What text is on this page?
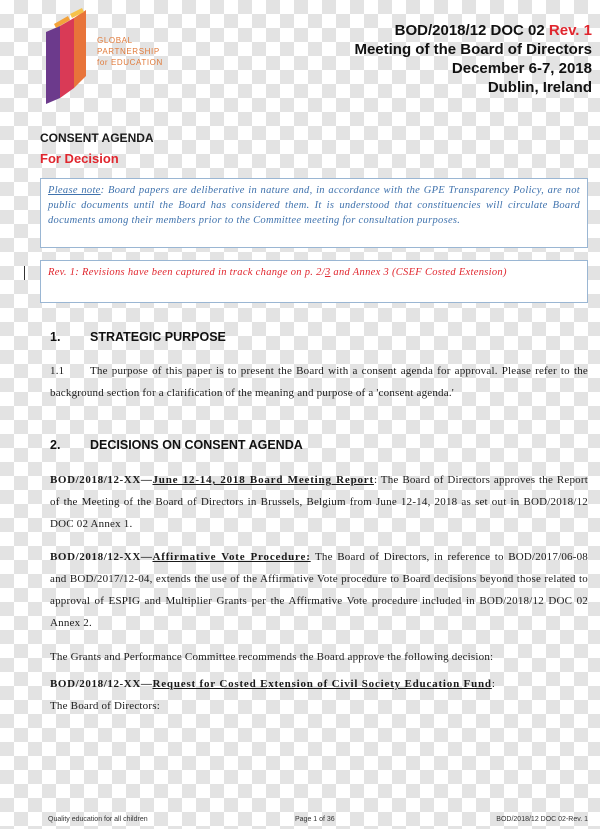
GLOBAL
PARTNERSHIP
for EDUCATION
BOD/2018/12 DOC 02 Rev. 1
Meeting of the Board of Directors
December 6-7, 2018
Dublin, Ireland
CONSENT AGENDA
For Decision
Please note: Board papers are deliberative in nature and, in accordance with the GPE Transparency Policy, are not public documents until the Board has considered them. It is understood that constituencies will circulate Board documents among their members prior to the Committee meeting for consultation purposes.
Rev. 1: Revisions have been captured in track change on p. 2/3 and Annex 3 (CSEF Costed Extension)
1. STRATEGIC PURPOSE
1.1 The purpose of this paper is to present the Board with a consent agenda for approval. Please refer to the background section for a clarification of the meaning and purpose of a 'consent agenda.'
2. DECISIONS ON CONSENT AGENDA
BOD/2018/12-XX—June 12-14, 2018 Board Meeting Report: The Board of Directors approves the Report of the Meeting of the Board of Directors in Brussels, Belgium from June 12-14, 2018 as set out in BOD/2018/12 DOC 02 Annex 1.
BOD/2018/12-XX—Affirmative Vote Procedure: The Board of Directors, in reference to BOD/2017/06-08 and BOD/2017/12-04, extends the use of the Affirmative Vote procedure to Board decisions beyond those related to approval of ESPIG and Multiplier Grants per the Affirmative Vote procedure included in BOD/2018/12 DOC 02 Annex 2.
The Grants and Performance Committee recommends the Board approve the following decision:
BOD/2018/12-XX—Request for Costed Extension of Civil Society Education Fund:
The Board of Directors:
Quality education for all children	Page 1 of 36	BOD/2018/12 DOC 02-Rev. 1
